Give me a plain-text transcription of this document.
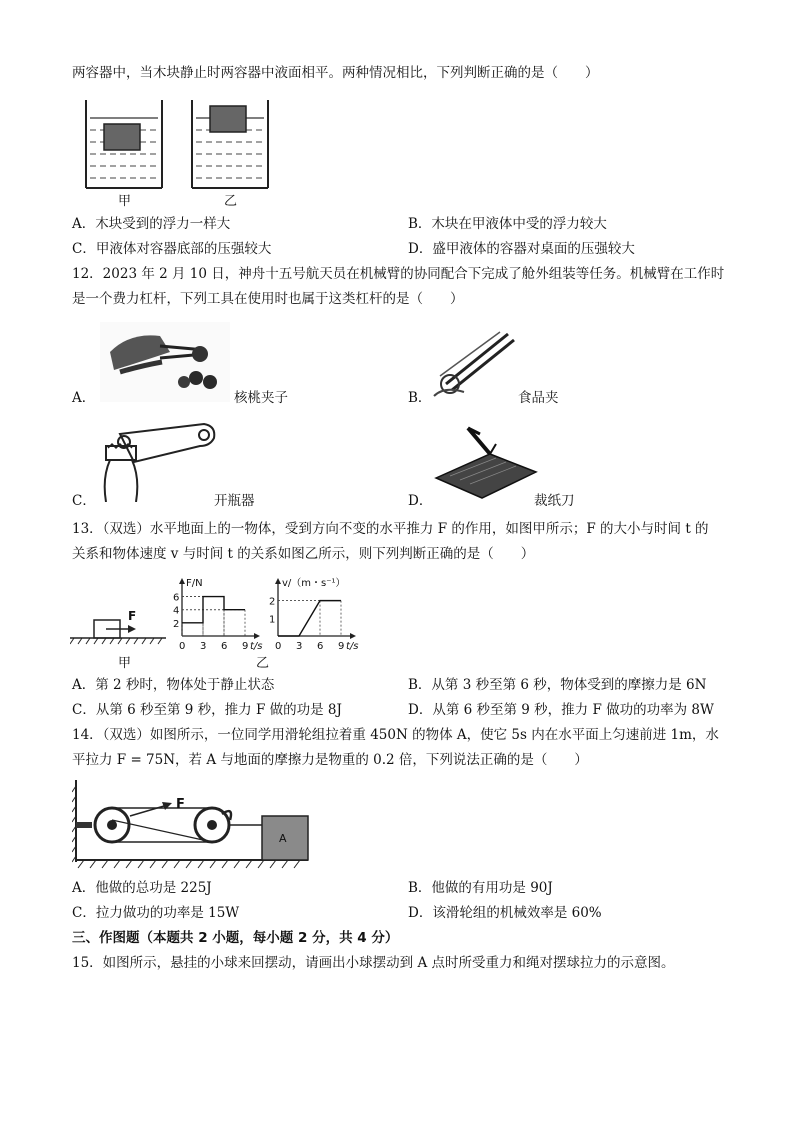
两容器中，当木块静止时两容器中液面相平。两种情况相比，下列判断正确的是（　　）
甲	乙
A．木块受到的浮力一样大	B．木块在甲液体中受的浮力较大
C．甲液体对容器底部的压强较大	D．盛甲液体的容器对桌面的压强较大
12．2023 年 2 月 10 日，神舟十五号航天员在机械臂的协同配合下完成了舱外组装等任务。机械臂在工作时
是一个费力杠杆，下列工具在使用时也属于这类杠杆的是（　　）
A．	核桃夹子	B．	食品夹
C．	开瓶器	D．	裁纸刀
13．（双选）水平地面上的一物体，受到方向不变的水平推力 F 的作用，如图甲所示；F 的大小与时间 t 的
关系和物体速度 v 与时间 t 的关系如图乙所示，则下列判断正确的是（　　）
F
甲
F/N
t/s
0 3 6 9
2
4
6
v/（m・s⁻¹）
t/s
0 3 6 9
1
2
乙
A．第 2 秒时，物体处于静止状态	B．从第 3 秒至第 6 秒，物体受到的摩擦力是 6N
C．从第 6 秒至第 9 秒，推力 F 做的功是 8J	D．从第 6 秒至第 9 秒，推力 F 做功的功率为 8W
14．（双选）如图所示，一位同学用滑轮组拉着重 450N 的物体 A，使它 5s 内在水平面上匀速前进 1m，水
平拉力 F = 75N，若 A 与地面的摩擦力是物重的 0.2 倍，下列说法正确的是（　　）
F
A
A．他做的总功是 225J	B．他做的有用功是 90J
C．拉力做功的功率是 15W	D．该滑轮组的机械效率是 60%
三、作图题（本题共 2 小题，每小题 2 分，共 4 分）
15．如图所示，悬挂的小球来回摆动，请画出小球摆动到 A 点时所受重力和绳对摆球拉力的示意图。
